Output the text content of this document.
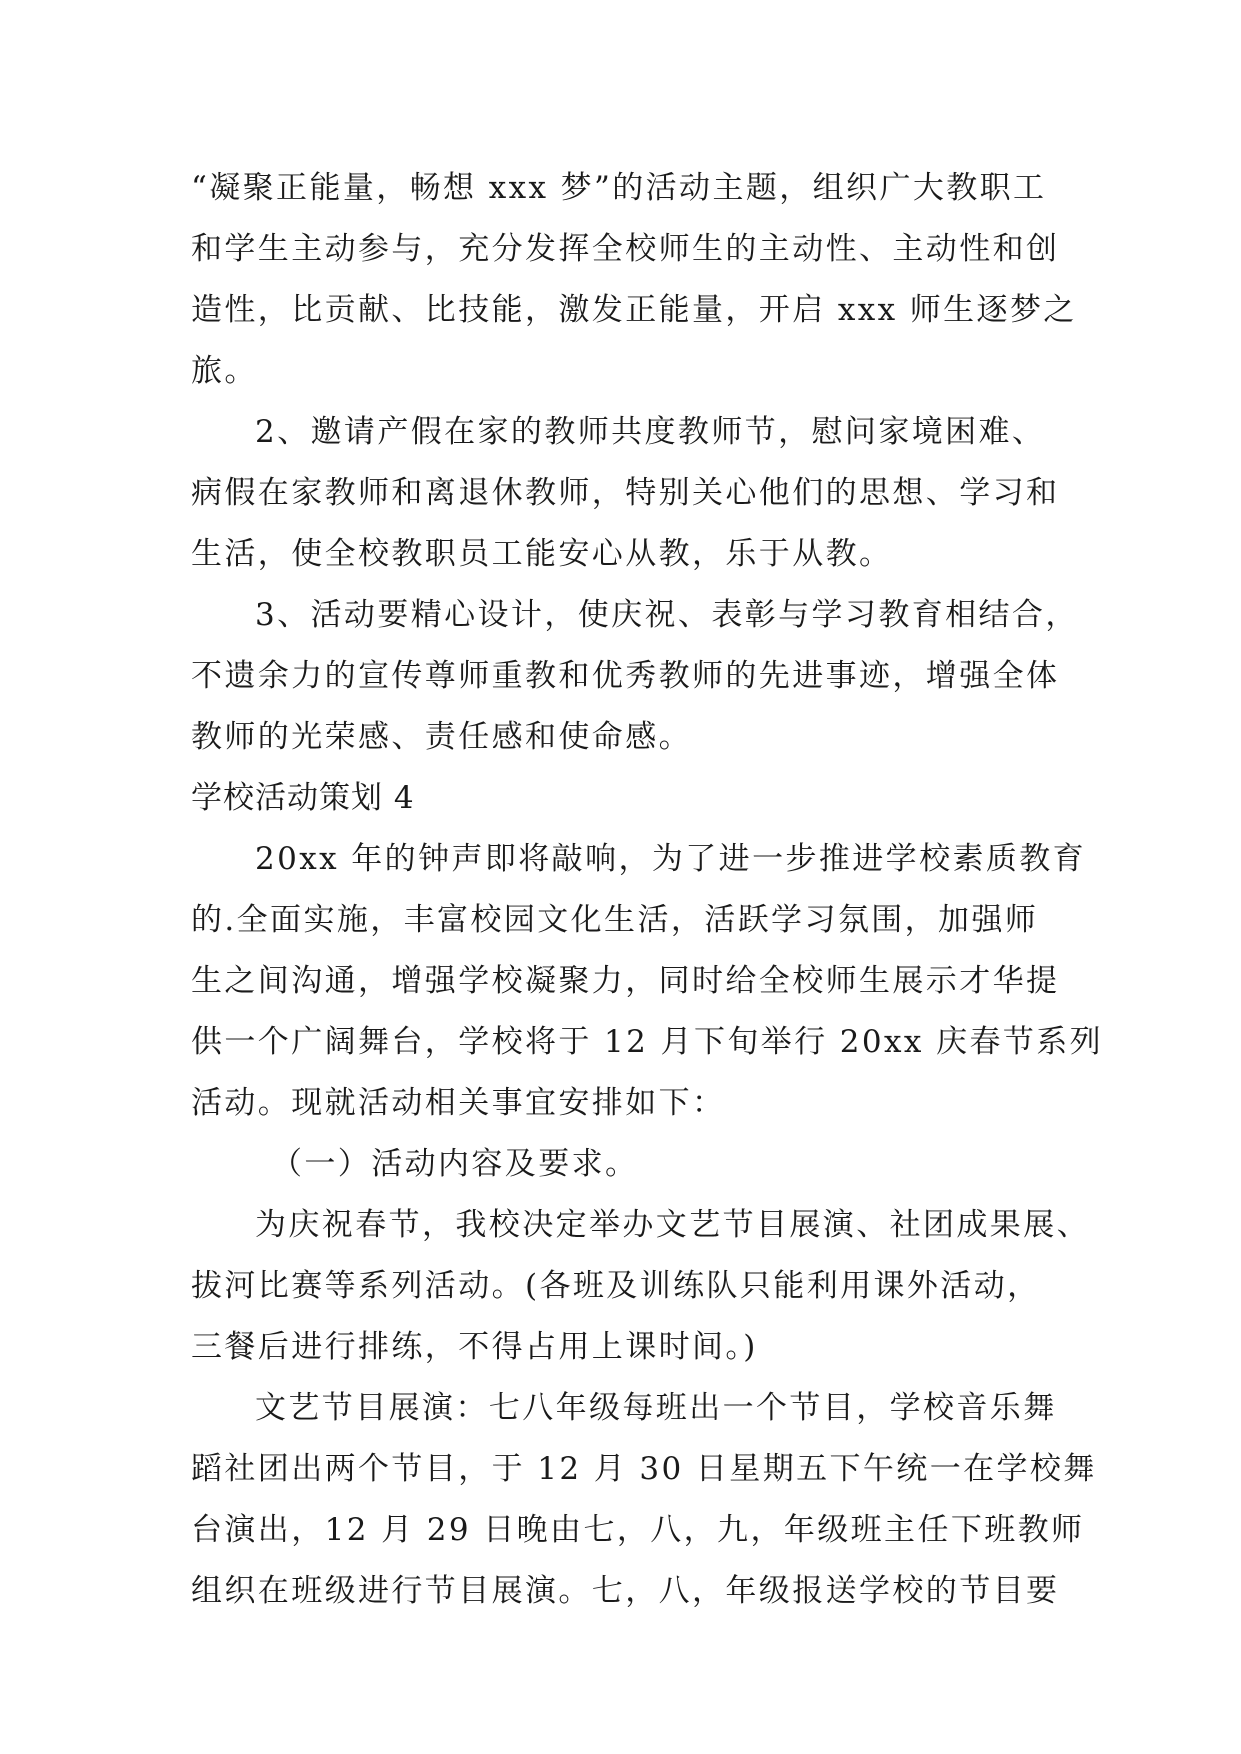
“凝聚正能量，畅想 xxx 梦”的活动主题，组织广大教职工
和学生主动参与，充分发挥全校师生的主动性、主动性和创
造性，比贡献、比技能，激发正能量，开启 xxx 师生逐梦之
旅。
2、邀请产假在家的教师共度教师节，慰问家境困难、
病假在家教师和离退休教师，特别关心他们的思想、学习和
生活，使全校教职员工能安心从教，乐于从教。
3、活动要精心设计，使庆祝、表彰与学习教育相结合，
不遗余力的宣传尊师重教和优秀教师的先进事迹，增强全体
教师的光荣感、责任感和使命感。
学校活动策划 4
20xx 年的钟声即将敲响，为了进一步推进学校素质教育
的.全面实施，丰富校园文化生活，活跃学习氛围，加强师
生之间沟通，增强学校凝聚力，同时给全校师生展示才华提
供一个广阔舞台，学校将于 12 月下旬举行 20xx 庆春节系列
活动。现就活动相关事宜安排如下：
（一）活动内容及要求。
为庆祝春节，我校决定举办文艺节目展演、社团成果展、
拔河比赛等系列活动。(各班及训练队只能利用课外活动，
三餐后进行排练，不得占用上课时间。)
文艺节目展演：七八年级每班出一个节目，学校音乐舞
蹈社团出两个节目，于 12 月 30 日星期五下午统一在学校舞
台演出，12 月 29 日晚由七，八，九，年级班主任下班教师
组织在班级进行节目展演。七，八，年级报送学校的节目要
